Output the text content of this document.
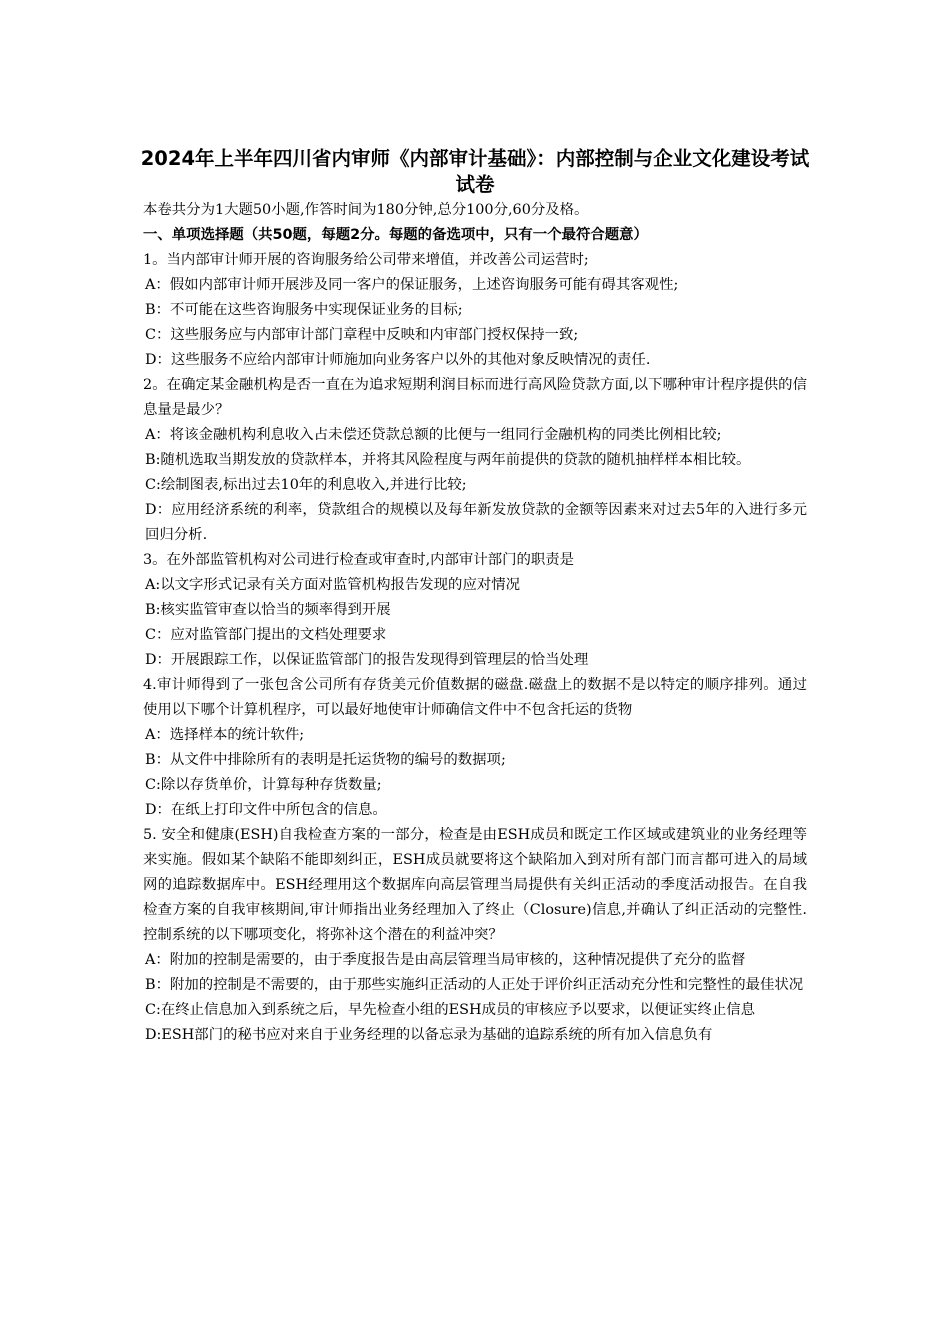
2024年上半年四川省内审师《内部审计基础》：内部控制与企业文化建设考试试卷
本卷共分为1大题50小题,作答时间为180分钟,总分100分,60分及格。
一、单项选择题（共50题，每题2分。每题的备选项中，只有一个最符合题意）
1。当内部审计师开展的咨询服务给公司带来增值，并改善公司运营时;
A：假如内部审计师开展涉及同一客户的保证服务，上述咨询服务可能有碍其客观性;
B：不可能在这些咨询服务中实现保证业务的目标;
C：这些服务应与内部审计部门章程中反映和内审部门授权保持一致;
D：这些服务不应给内部审计师施加向业务客户以外的其他对象反映情况的责任.
2。在确定某金融机构是否一直在为追求短期利润目标而进行高风险贷款方面,以下哪种审计程序提供的信息量是最少？
A：将该金融机构利息收入占未偿还贷款总额的比便与一组同行金融机构的同类比例相比较;
B:随机选取当期发放的贷款样本，并将其风险程度与两年前提供的贷款的随机抽样样本相比较。
C:绘制图表,标出过去10年的利息收入,并进行比较;
D：应用经济系统的利率，贷款组合的规模以及每年新发放贷款的金额等因素来对过去5年的入进行多元回归分析.
3。在外部监管机构对公司进行检查或审查时,内部审计部门的职责是
A:以文字形式记录有关方面对监管机构报告发现的应对情况
B:核实监管审查以恰当的频率得到开展
C：应对监管部门提出的文档处理要求
D：开展跟踪工作，以保证监管部门的报告发现得到管理层的恰当处理
4.审计师得到了一张包含公司所有存货美元价值数据的磁盘.磁盘上的数据不是以特定的顺序排列。通过使用以下哪个计算机程序，可以最好地使审计师确信文件中不包含托运的货物
A：选择样本的统计软件;
B：从文件中排除所有的表明是托运货物的编号的数据项;
C:除以存货单价，计算每种存货数量;
D：在纸上打印文件中所包含的信息。
5. 安全和健康(ESH)自我检查方案的一部分，检查是由ESH成员和既定工作区域或建筑业的业务经理等来实施。假如某个缺陷不能即刻纠正，ESH成员就要将这个缺陷加入到对所有部门而言都可进入的局域网的追踪数据库中。ESH经理用这个数据库向高层管理当局提供有关纠正活动的季度活动报告。在自我检查方案的自我审核期间,审计师指出业务经理加入了终止（Closure)信息,并确认了纠正活动的完整性.控制系统的以下哪项变化，将弥补这个潜在的利益冲突？
A：附加的控制是需要的，由于季度报告是由高层管理当局审核的，这种情况提供了充分的监督
B：附加的控制是不需要的，由于那些实施纠正活动的人正处于评价纠正活动充分性和完整性的最佳状况
C:在终止信息加入到系统之后，早先检查小组的ESH成员的审核应予以要求，以便证实终止信息
D:ESH部门的秘书应对来自于业务经理的以备忘录为基础的追踪系统的所有加入信息负有
